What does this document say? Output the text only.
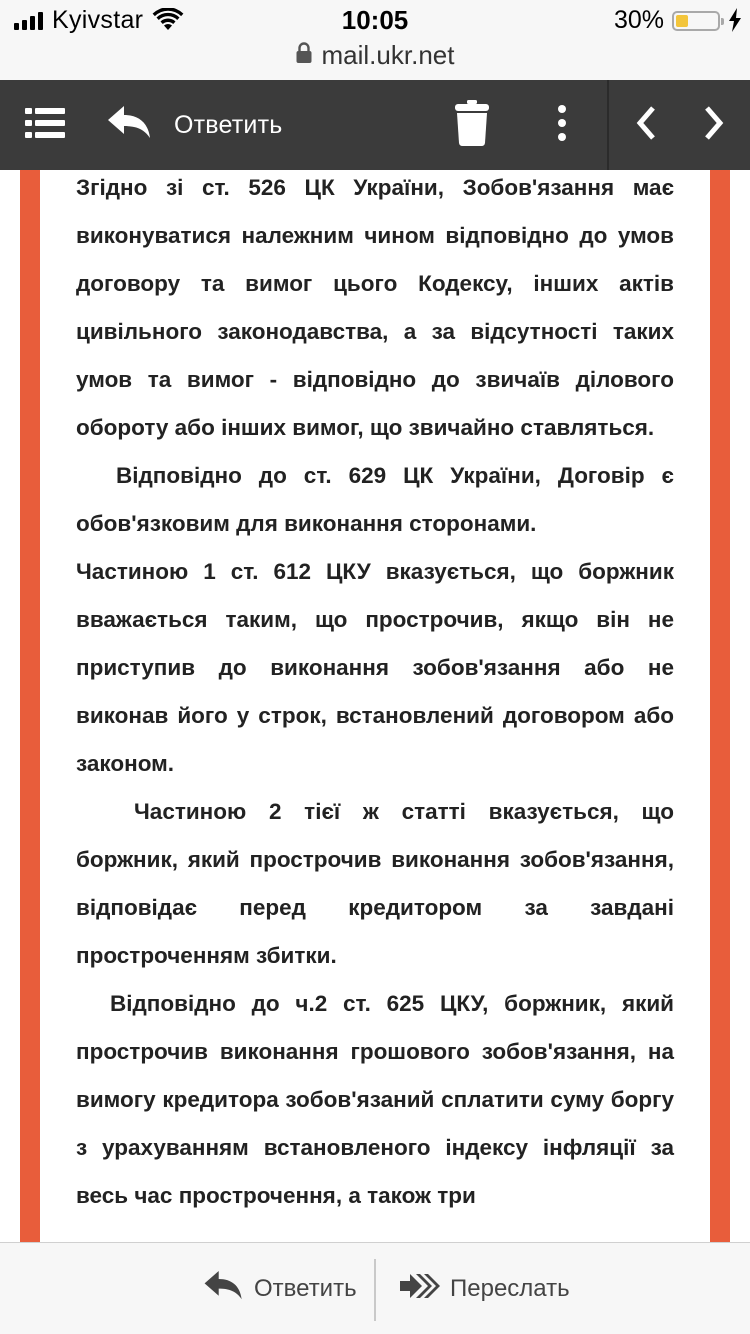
Kyivstar	10:05	30%
mail.ukr.net
Ответить

Згідно зі ст. 526 ЦК України, Зобов'язання має виконуватися належним чином відповідно до умов договору та вимог цього Кодексу, інших актів цивільного законодавства, а за відсутності таких умов та вимог - відповідно до звичаїв ділового обороту або інших вимог, що звичайно ставляться.

Відповідно до ст. 629 ЦК України, Договір є обов'язковим для виконання сторонами.

Частиною 1 ст. 612 ЦКУ вказується, що боржник вважається таким, що прострочив, якщо він не приступив до виконання зобов'язання або не виконав його у строк, встановлений договором або законом.

Частиною 2 тієї ж статті вказується, що боржник, який прострочив виконання зобов'язання, відповідає перед кредитором за завдані простроченням збитки.

Відповідно до ч.2 ст. 625 ЦКУ, боржник, який прострочив виконання грошового зобов'язання, на вимогу кредитора зобов'язаний сплатити суму боргу з урахуванням встановленого індексу інфляції за весь час прострочення, а також три

Ответить	Переслать
